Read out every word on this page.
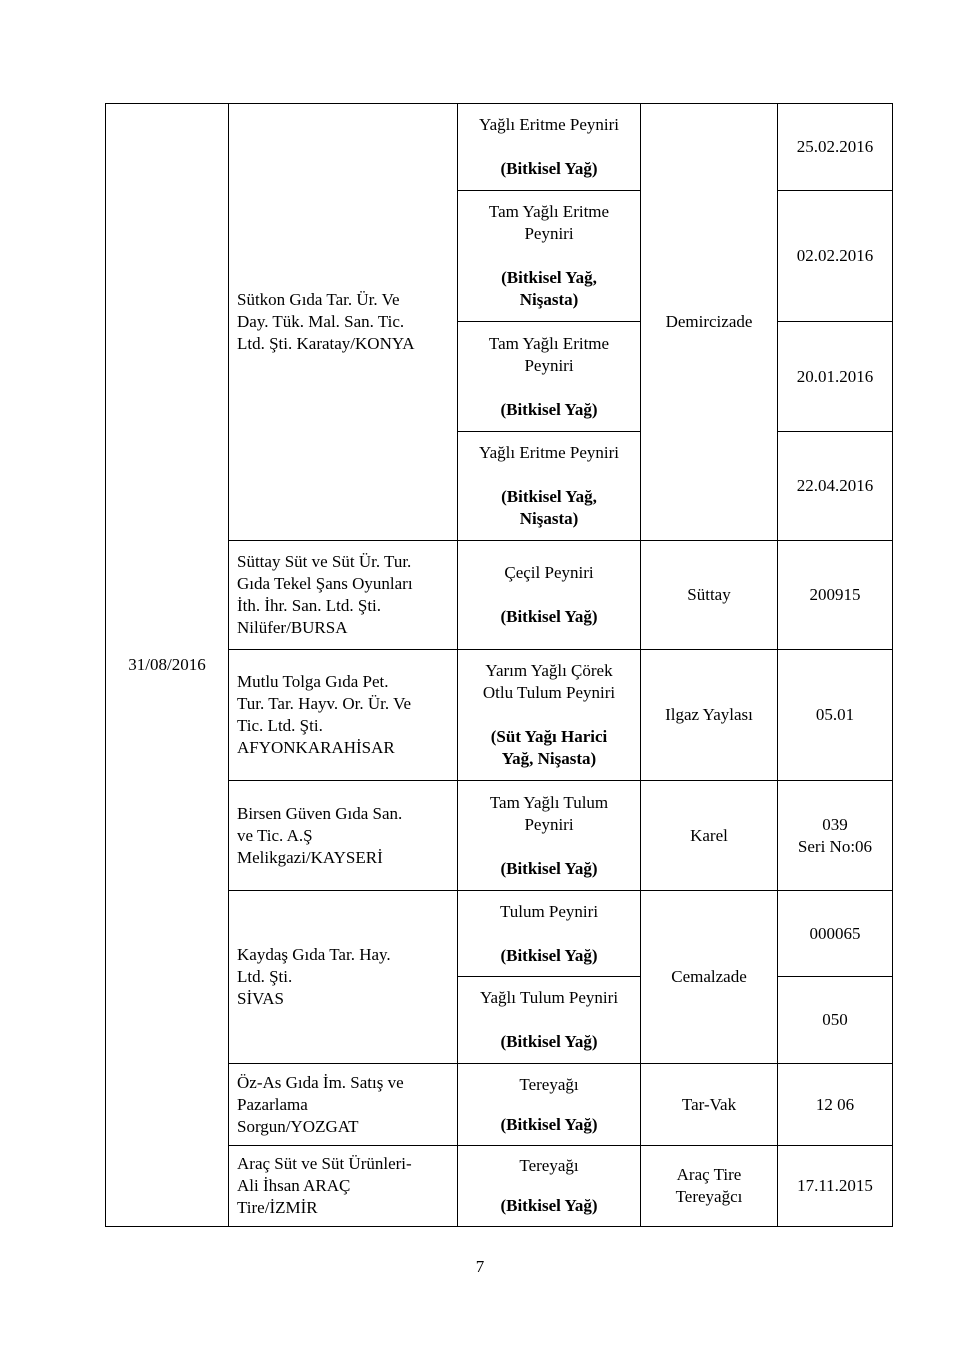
31/08/2016	Sütkon Gıda Tar. Ür. Ve
Day. Tük. Mal. San. Tic.
Ltd. Şti. Karatay/KONYA	Yağlı Eritme Peyniri
(Bitkisel Yağ)	Demircizade	25.02.2016

		Tam Yağlı Eritme
Peyniri
(Bitkisel Yağ,
Nişasta)		02.02.2016

		Tam Yağlı Eritme
Peyniri
(Bitkisel Yağ)		20.01.2016

		Yağlı Eritme Peyniri
(Bitkisel Yağ,
Nişasta)		22.04.2016
	Süttay Süt ve Süt Ür. Tur.
Gıda Tekel Şans Oyunları
İth. İhr. San. Ltd. Şti.
Nilüfer/BURSA	Çeçil Peyniri
(Bitkisel Yağ)	Süttay	200915
	Mutlu Tolga Gıda Pet.
Tur. Tar. Hayv. Or. Ür. Ve
Tic. Ltd. Şti.
AFYONKARAHİSAR	Yarım Yağlı Çörek
Otlu Tulum Peyniri
(Süt Yağı Harici
Yağ, Nişasta)	Ilgaz Yaylası	05.01
	Birsen Güven Gıda San.
ve Tic. A.Ş
Melikgazi/KAYSERİ	Tam Yağlı Tulum
Peyniri
(Bitkisel Yağ)	Karel	039
Seri No:06
	Kaydaş Gıda Tar. Hay.
Ltd. Şti.
SİVAS	Tulum Peyniri
(Bitkisel Yağ)	Cemalzade	000065

		Yağlı Tulum Peyniri
(Bitkisel Yağ)		050
	Öz-As Gıda İm. Satış ve
Pazarlama
Sorgun/YOZGAT	Tereyağı
(Bitkisel Yağ)	Tar-Vak	12 06
	Araç Süt ve Süt Ürünleri-
Ali İhsan ARAÇ
Tire/İZMİR	Tereyağı
(Bitkisel Yağ)	Araç Tire
Tereyağcı	17.11.2015
7
